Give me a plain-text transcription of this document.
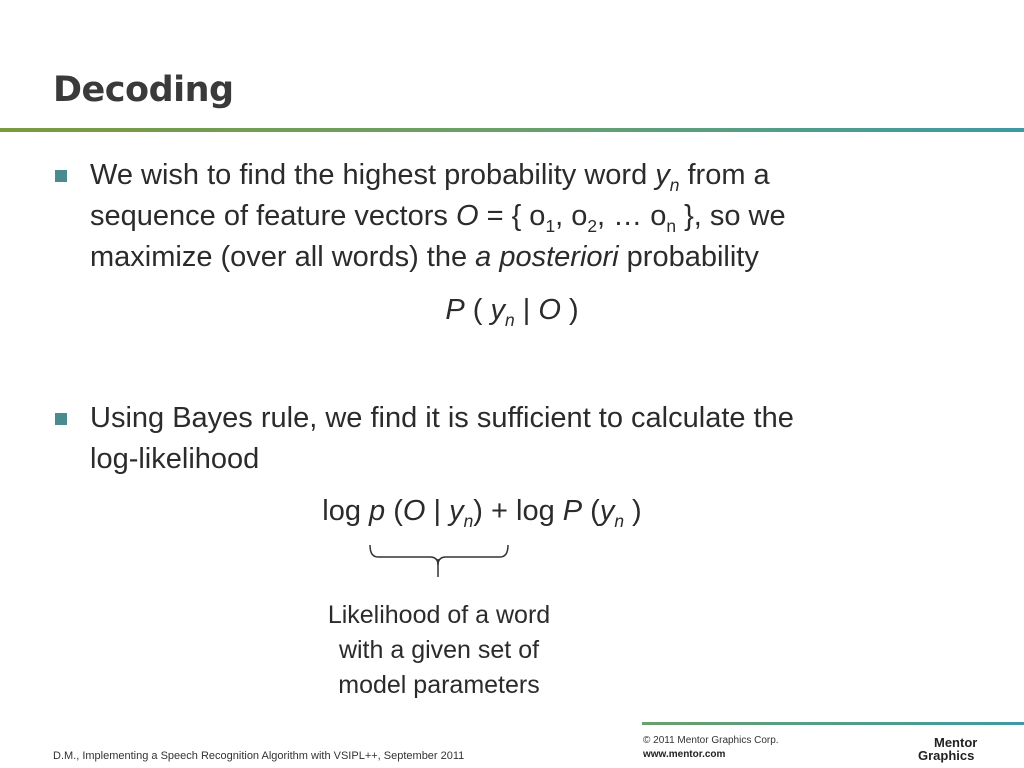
Decoding
We wish to find the highest probability word $y_n$ from a
sequence of feature vectors O = { $o_1$, $o_2$, … $o_n$ }, so we
maximize (over all words) the a posteriori probability
P ( $y_n$ | O )
Using Bayes rule, we find it is sufficient to calculate the
log-likelihood
log p (O | $y_n) + \log P$ ($y_n$ )
Likelihood of a word
with a given set of
model parameters
D.M., Implementing a Speech Recognition Algorithm with VSIPL++, September 2011
© 2011 Mentor Graphics Corp.
www.mentor.com
Mentor
Graphics
